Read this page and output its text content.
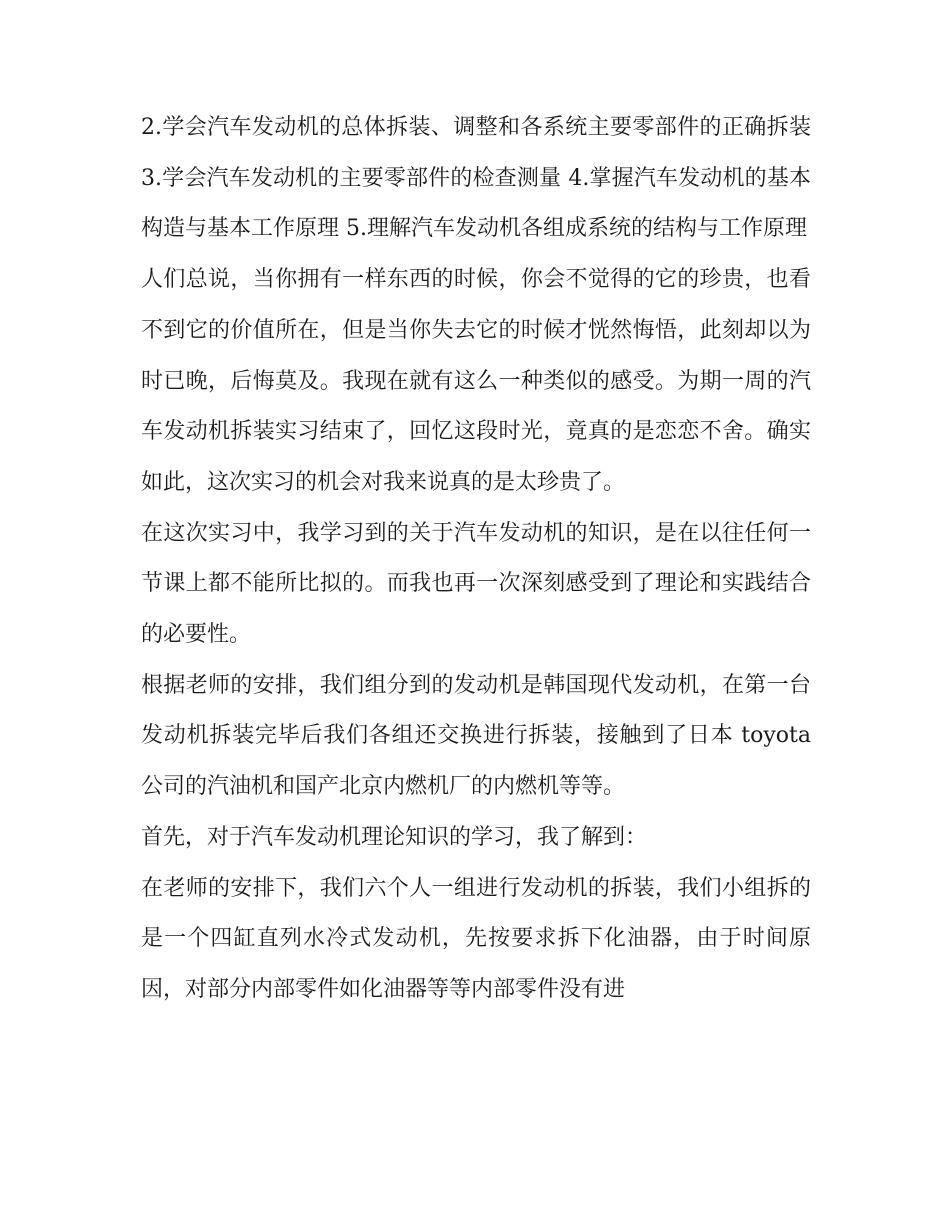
2.学会汽车发动机的总体拆装、调整和各系统主要零部件的正确拆装 3.学会汽车发动机的主要零部件的检查测量 4.掌握汽车发动机的基本构造与基本工作原理 5.理解汽车发动机各组成系统的结构与工作原理

人们总说，当你拥有一样东西的时候，你会不觉得的它的珍贵，也看不到它的价值所在，但是当你失去它的时候才恍然悔悟，此刻却以为时已晚，后悔莫及。我现在就有这么一种类似的感受。为期一周的汽车发动机拆装实习结束了，回忆这段时光，竟真的是恋恋不舍。确实如此，这次实习的机会对我来说真的是太珍贵了。

在这次实习中，我学习到的关于汽车发动机的知识，是在以往任何一节课上都不能所比拟的。而我也再一次深刻感受到了理论和实践结合的必要性。

根据老师的安排，我们组分到的发动机是韩国现代发动机，在第一台发动机拆装完毕后我们各组还交换进行拆装，接触到了日本 toyota 公司的汽油机和国产北京内燃机厂的内燃机等等。

首先，对于汽车发动机理论知识的学习，我了解到：

在老师的安排下，我们六个人一组进行发动机的拆装，我们小组拆的是一个四缸直列水冷式发动机，先按要求拆下化油器，由于时间原因，对部分内部零件如化油器等等内部零件没有进
